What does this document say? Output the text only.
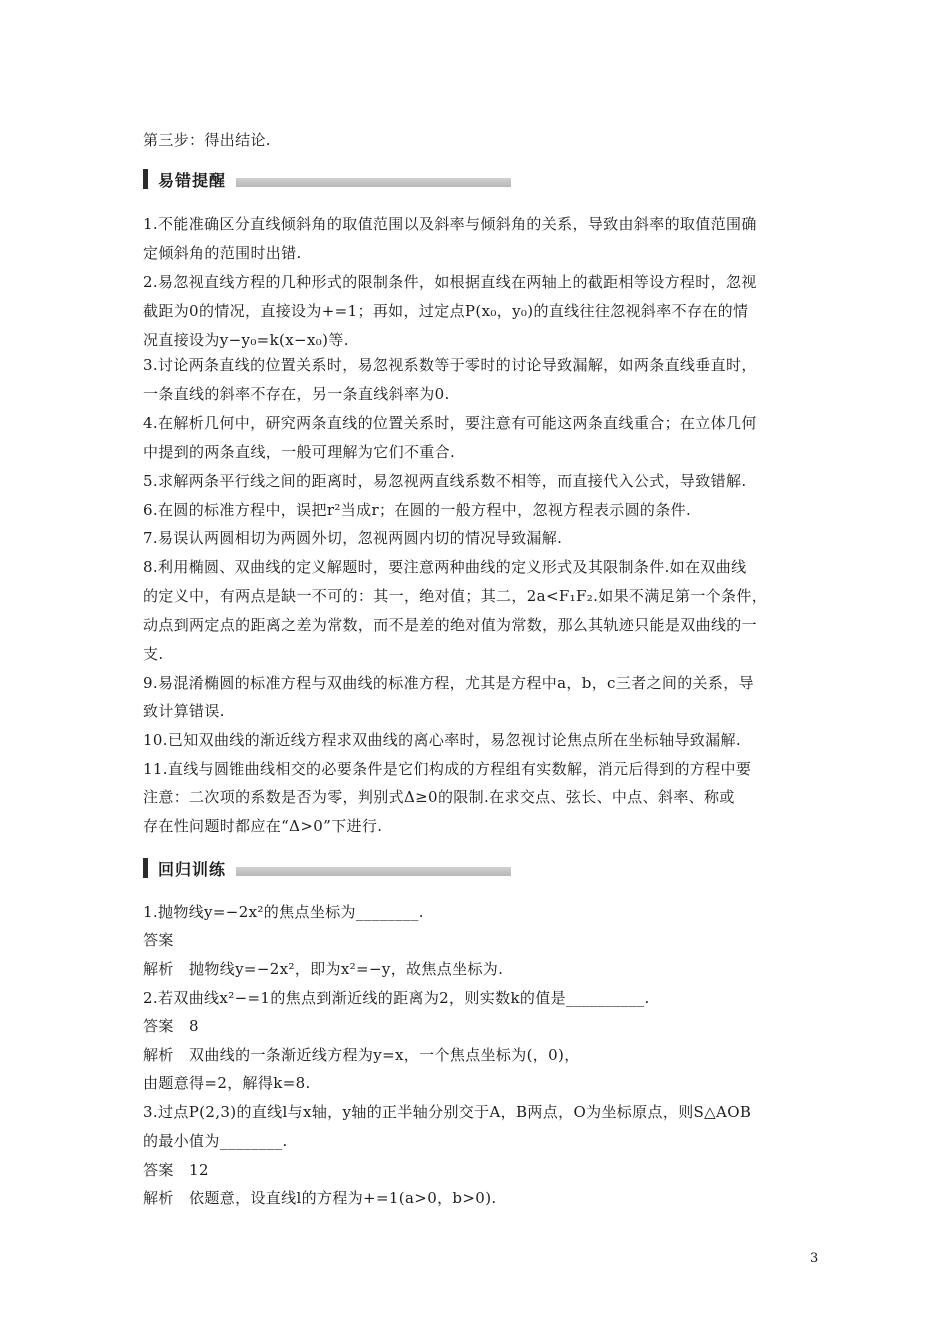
第三步：得出结论.
易错提醒
1.不能准确区分直线倾斜角的取值范围以及斜率与倾斜角的关系，导致由斜率的取值范围确
定倾斜角的范围时出错.
2.易忽视直线方程的几种形式的限制条件，如根据直线在两轴上的截距相等设方程时，忽视
截距为0的情况，直接设为+=1；再如，过定点P(x₀，y₀)的直线往往忽视斜率不存在的情
况直接设为y−y₀=k(x−x₀)等.
3.讨论两条直线的位置关系时，易忽视系数等于零时的讨论导致漏解，如两条直线垂直时，
一条直线的斜率不存在，另一条直线斜率为0.
4.在解析几何中，研究两条直线的位置关系时，要注意有可能这两条直线重合；在立体几何
中提到的两条直线，一般可理解为它们不重合.
5.求解两条平行线之间的距离时，易忽视两直线系数不相等，而直接代入公式，导致错解.
6.在圆的标准方程中，误把r²当成r；在圆的一般方程中，忽视方程表示圆的条件.
7.易误认两圆相切为两圆外切，忽视两圆内切的情况导致漏解.
8.利用椭圆、双曲线的定义解题时，要注意两种曲线的定义形式及其限制条件.如在双曲线
的定义中，有两点是缺一不可的：其一，绝对值；其二，2a<F₁F₂.如果不满足第一个条件，
动点到两定点的距离之差为常数，而不是差的绝对值为常数，那么其轨迹只能是双曲线的一
支.
9.易混淆椭圆的标准方程与双曲线的标准方程，尤其是方程中a，b，c三者之间的关系，导
致计算错误.
10.已知双曲线的渐近线方程求双曲线的离心率时，易忽视讨论焦点所在坐标轴导致漏解.
11.直线与圆锥曲线相交的必要条件是它们构成的方程组有实数解，消元后得到的方程中要
注意：二次项的系数是否为零，判别式Δ≥0的限制.在求交点、弦长、中点、斜率、称或
存在性问题时都应在“Δ>0”下进行.
回归训练
1.抛物线y=−2x²的焦点坐标为________.
答案
解析　抛物线y=−2x²，即为x²=−y，故焦点坐标为.
2.若双曲线x²−=1的焦点到渐近线的距离为2，则实数k的值是__________.
答案　8
解析　双曲线的一条渐近线方程为y=x，一个焦点坐标为(，0)，
由题意得=2，解得k=8.
3.过点P(2,3)的直线l与x轴，y轴的正半轴分别交于A，B两点，O为坐标原点，则S△AOB
的最小值为________.
答案　12
解析　依题意，设直线l的方程为+=1(a>0，b>0).
3
